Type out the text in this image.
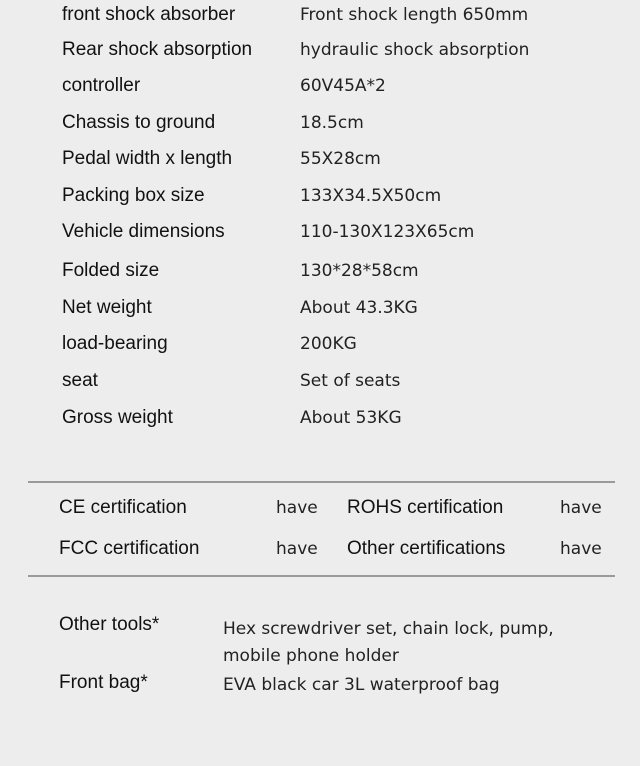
front shock absorber	Front shock length 650mm
Rear shock absorption	hydraulic shock absorption
controller	60V45A*2
Chassis to ground	18.5cm
Pedal width x length	55X28cm
Packing box size	133X34.5X50cm
Vehicle dimensions	110-130X123X65cm
Folded size	130*28*58cm
Net weight	About 43.3KG
load-bearing	200KG
seat	Set of seats
Gross weight	About 53KG
CE certification	have ROHS certification	have
FCC certification	have Other certifications	have
Other tools*	Hex screwdriver set, chain lock, pump,
mobile phone holder
Front bag*	EVA black car 3L waterproof bag
